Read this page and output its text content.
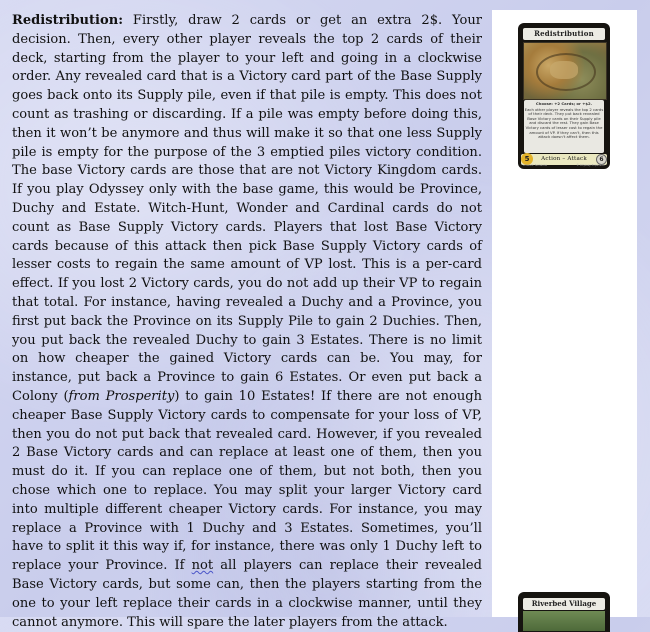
Redistribution: Firstly, draw 2 cards or get an extra 2$. Your decision. Then, every other player reveals the top 2 cards of their deck, starting from the player to your left and going in a clockwise order. Any revealed card that is a Victory card part of the Base Supply goes back onto its Supply pile, even if that pile is empty. This does not count as trashing or discarding. If a pile was empty before doing this, then it won’t be anymore and thus will make it so that one less Supply pile is empty for the purpose of the 3 emptied piles victory condition. The base Victory cards are those that are not Victory Kingdom cards. If you play Odyssey only with the base game, this would be Province, Duchy and Estate. Witch-Hunt, Wonder and Cardinal cards do not count as Base Supply Victory cards. Players that lost Base Victory cards because of this attack then pick Base Supply Victory cards of lesser costs to regain the same amount of VP lost. This is a per-card effect. If you lost 2 Victory cards, you do not add up their VP to regain that total. For instance, having revealed a Duchy and a Province, you first put back the Province on its Supply Pile to gain 2 Duchies. Then, you put back the revealed Duchy to gain 3 Estates. There is no limit on how cheaper the gained Victory cards can be. You may, for instance, put back a Province to gain 6 Estates. Or even put back a Colony (from Prosperity) to gain 10 Estates! If there are not enough cheaper Base Supply Victory cards to compensate for your loss of VP, then you do not put back that revealed card. However, if you revealed 2 Base Victory cards and can replace at least one of them, then you must do it. If you can replace one of them, but not both, then you chose which one to replace. You may split your larger Victory card into multiple different cheaper Victory cards. For instance, you may replace a Province with 1 Duchy and 3 Estates. Sometimes, you’ll have to split it this way if, for instance, there was only 1 Duchy left to replace your Province. If not all players can replace their revealed Base Victory cards, but some can, then the players starting from the one to your left replace their cards in a clockwise manner, until they cannot anymore. This will spare the later players from the attack.
Redistribution
Choose: +2 Cards; or +$2.
Each other player reveals the top 2 cards of their deck. They put back revealed Base Victory cards on their Supply pile and discard the rest. They gain Base Victory cards of lesser cost to regain the amount of VP. If they can't, then this attack doesn't affect them.
5	Action – Attack	6
Artwork: Someone	© Odyssey Expansion
Riverbed Village
